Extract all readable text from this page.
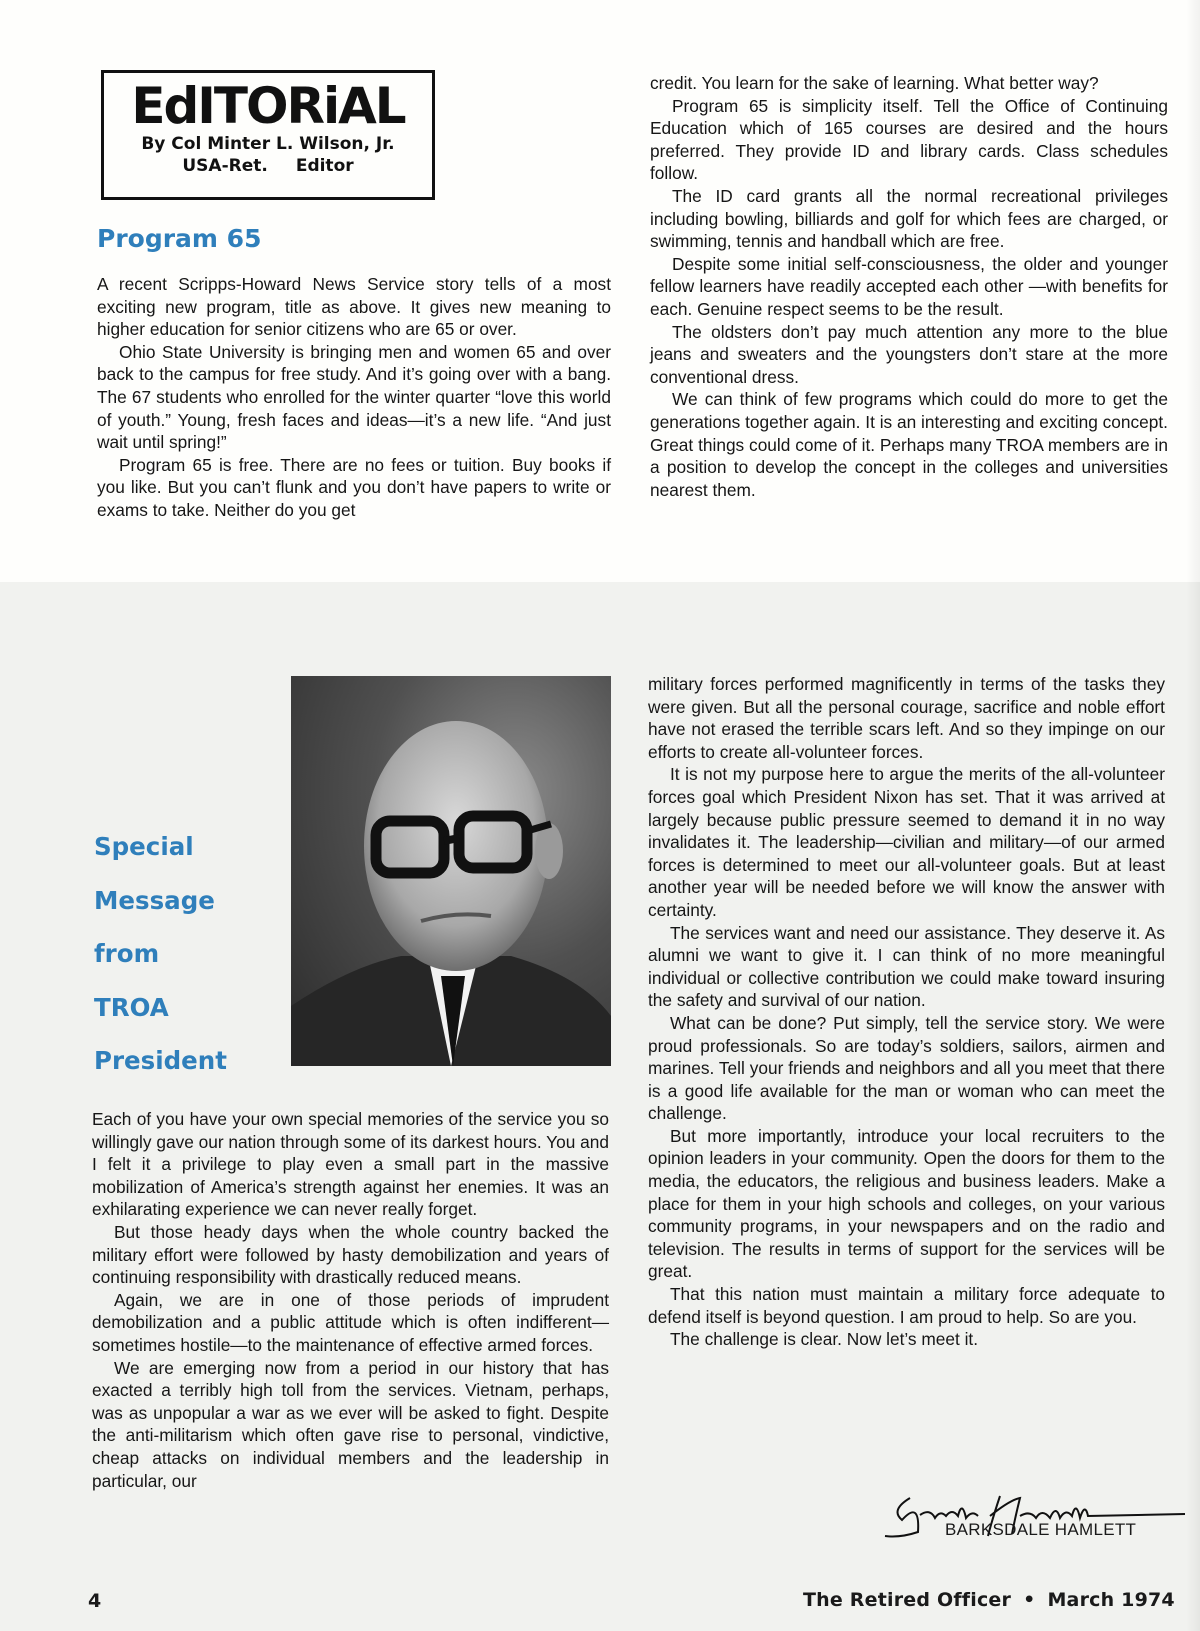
EdITORiAL
By Col Minter L. Wilson, Jr.
USA-Ret. Editor
Program 65

A recent Scripps-Howard News Service story tells of a most exciting new program, title as above. It gives new meaning to higher education for senior citizens who are 65 or over.

Ohio State University is bringing men and women 65 and over back to the campus for free study. And it’s going over with a bang. The 67 students who enrolled for the winter quarter “love this world of youth.” Young, fresh faces and ideas—it’s a new life. “And just wait until spring!”

Program 65 is free. There are no fees or tuition. Buy books if you like. But you can’t flunk and you don’t have papers to write or exams to take. Neither do you get

credit. You learn for the sake of learning. What better way?

Program 65 is simplicity itself. Tell the Office of Continuing Education which of 165 courses are desired and the hours preferred. They provide ID and library cards. Class schedules follow.

The ID card grants all the normal recreational privileges including bowling, billiards and golf for which fees are charged, or swimming, tennis and handball which are free.

Despite some initial self-consciousness, the older and younger fellow learners have readily accepted each other —with benefits for each. Genuine respect seems to be the result.

The oldsters don’t pay much attention any more to the blue jeans and sweaters and the youngsters don’t stare at the more conventional dress.

We can think of few programs which could do more to get the generations together again. It is an interesting and exciting concept. Great things could come of it. Perhaps many TROA members are in a position to develop the concept in the colleges and universities nearest them.

Special
Message
from
TROA
President

Each of you have your own special memories of the service you so willingly gave our nation through some of its darkest hours. You and I felt it a privilege to play even a small part in the massive mobilization of America’s strength against her enemies. It was an exhilarating experience we can never really forget.

But those heady days when the whole country backed the military effort were followed by hasty demobilization and years of continuing responsibility with drastically reduced means.

Again, we are in one of those periods of imprudent demobilization and a public attitude which is often indifferent—sometimes hostile—to the maintenance of effective armed forces.

We are emerging now from a period in our history that has exacted a terribly high toll from the services. Vietnam, perhaps, was as unpopular a war as we ever will be asked to fight. Despite the anti-militarism which often gave rise to personal, vindictive, cheap attacks on individual members and the leadership in particular, our

military forces performed magnificently in terms of the tasks they were given. But all the personal courage, sacrifice and noble effort have not erased the terrible scars left. And so they impinge on our efforts to create all-volunteer forces.

It is not my purpose here to argue the merits of the all-volunteer forces goal which President Nixon has set. That it was arrived at largely because public pressure seemed to demand it in no way invalidates it. The leadership—civilian and military—of our armed forces is determined to meet our all-volunteer goals. But at least another year will be needed before we will know the answer with certainty.

The services want and need our assistance. They deserve it. As alumni we want to give it. I can think of no more meaningful individual or collective contribution we could make toward insuring the safety and survival of our nation.

What can be done? Put simply, tell the service story. We were proud professionals. So are today’s soldiers, sailors, airmen and marines. Tell your friends and neighbors and all you meet that there is a good life available for the man or woman who can meet the challenge.

But more importantly, introduce your local recruiters to the opinion leaders in your community. Open the doors for them to the media, the educators, the religious and business leaders. Make a place for them in your high schools and colleges, on your various community programs, in your newspapers and on the radio and television. The results in terms of support for the services will be great.

That this nation must maintain a military force adequate to defend itself is beyond question. I am proud to help. So are you.

The challenge is clear. Now let’s meet it.

BARKSDALE HAMLETT
4	The Retired Officer • March 1974
